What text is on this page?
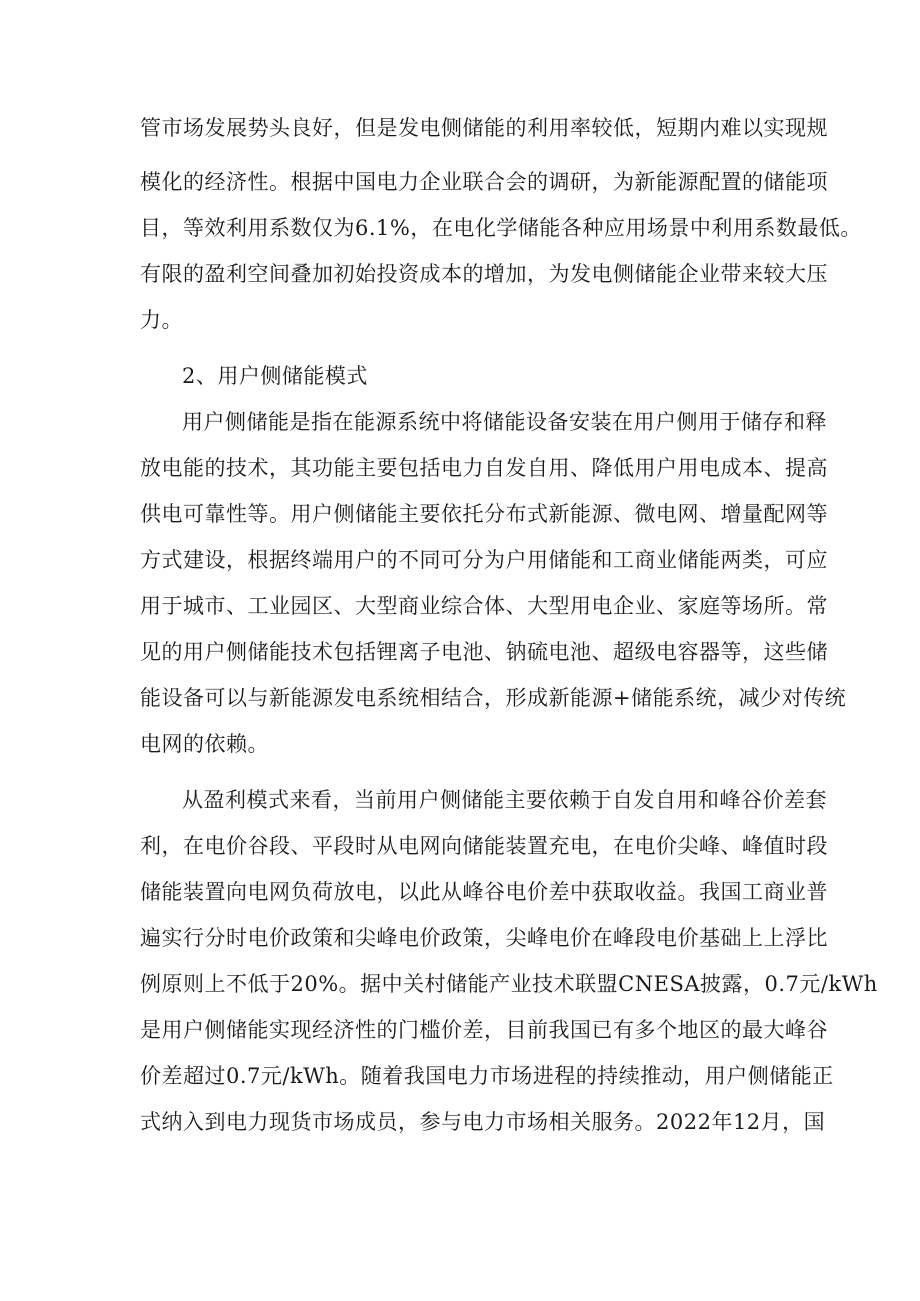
管市场发展势头良好，但是发电侧储能的利用率较低，短期内难以实现规
模化的经济性。根据中国电力企业联合会的调研，为新能源配置的储能项
目，等效利用系数仅为6.1%，在电化学储能各种应用场景中利用系数最低。
有限的盈利空间叠加初始投资成本的增加，为发电侧储能企业带来较大压
力。
2、用户侧储能模式
用户侧储能是指在能源系统中将储能设备安装在用户侧用于储存和释
放电能的技术，其功能主要包括电力自发自用、降低用户用电成本、提高
供电可靠性等。用户侧储能主要依托分布式新能源、微电网、增量配网等
方式建设，根据终端用户的不同可分为户用储能和工商业储能两类，可应
用于城市、工业园区、大型商业综合体、大型用电企业、家庭等场所。常
见的用户侧储能技术包括锂离子电池、钠硫电池、超级电容器等，这些储
能设备可以与新能源发电系统相结合，形成新能源+储能系统，减少对传统
电网的依赖。
从盈利模式来看，当前用户侧储能主要依赖于自发自用和峰谷价差套
利，在电价谷段、平段时从电网向储能装置充电，在电价尖峰、峰值时段
储能装置向电网负荷放电，以此从峰谷电价差中获取收益。我国工商业普
遍实行分时电价政策和尖峰电价政策，尖峰电价在峰段电价基础上上浮比
例原则上不低于20%。据中关村储能产业技术联盟CNESA披露，0.7元/kWh
是用户侧储能实现经济性的门槛价差，目前我国已有多个地区的最大峰谷
价差超过0.7元/kWh。随着我国电力市场进程的持续推动，用户侧储能正
式纳入到电力现货市场成员，参与电力市场相关服务。2022年12月，国
